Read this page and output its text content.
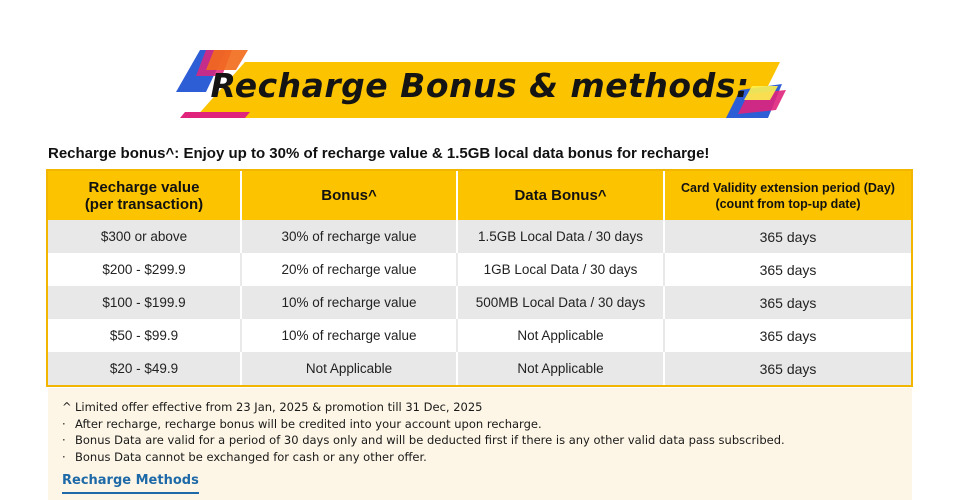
Recharge Bonus & methods:
Recharge bonus^: Enjoy up to 30% of recharge value & 1.5GB local data bonus for recharge!
Recharge value
(per transaction)	Bonus^	Data Bonus^	Card Validity extension period (Day)
(count from top-up date)
$300 or above	30% of recharge value	1.5GB Local Data / 30 days	365 days
$200 - $299.9	20% of recharge value	1GB Local Data / 30 days	365 days
$100 - $199.9	10% of recharge value	500MB Local Data / 30 days	365 days
$50 - $99.9	10% of recharge value	Not Applicable	365 days
$20 - $49.9	Not Applicable	Not Applicable	365 days
^ Limited offer effective from 23 Jan, 2025 & promotion till 31 Dec, 2025
· After recharge, recharge bonus will be credited into your account upon recharge.
· Bonus Data are valid for a period of 30 days only and will be deducted first if there is any other valid data pass subscribed.
· Bonus Data cannot be exchanged for cash or any other offer.
Recharge Methods
